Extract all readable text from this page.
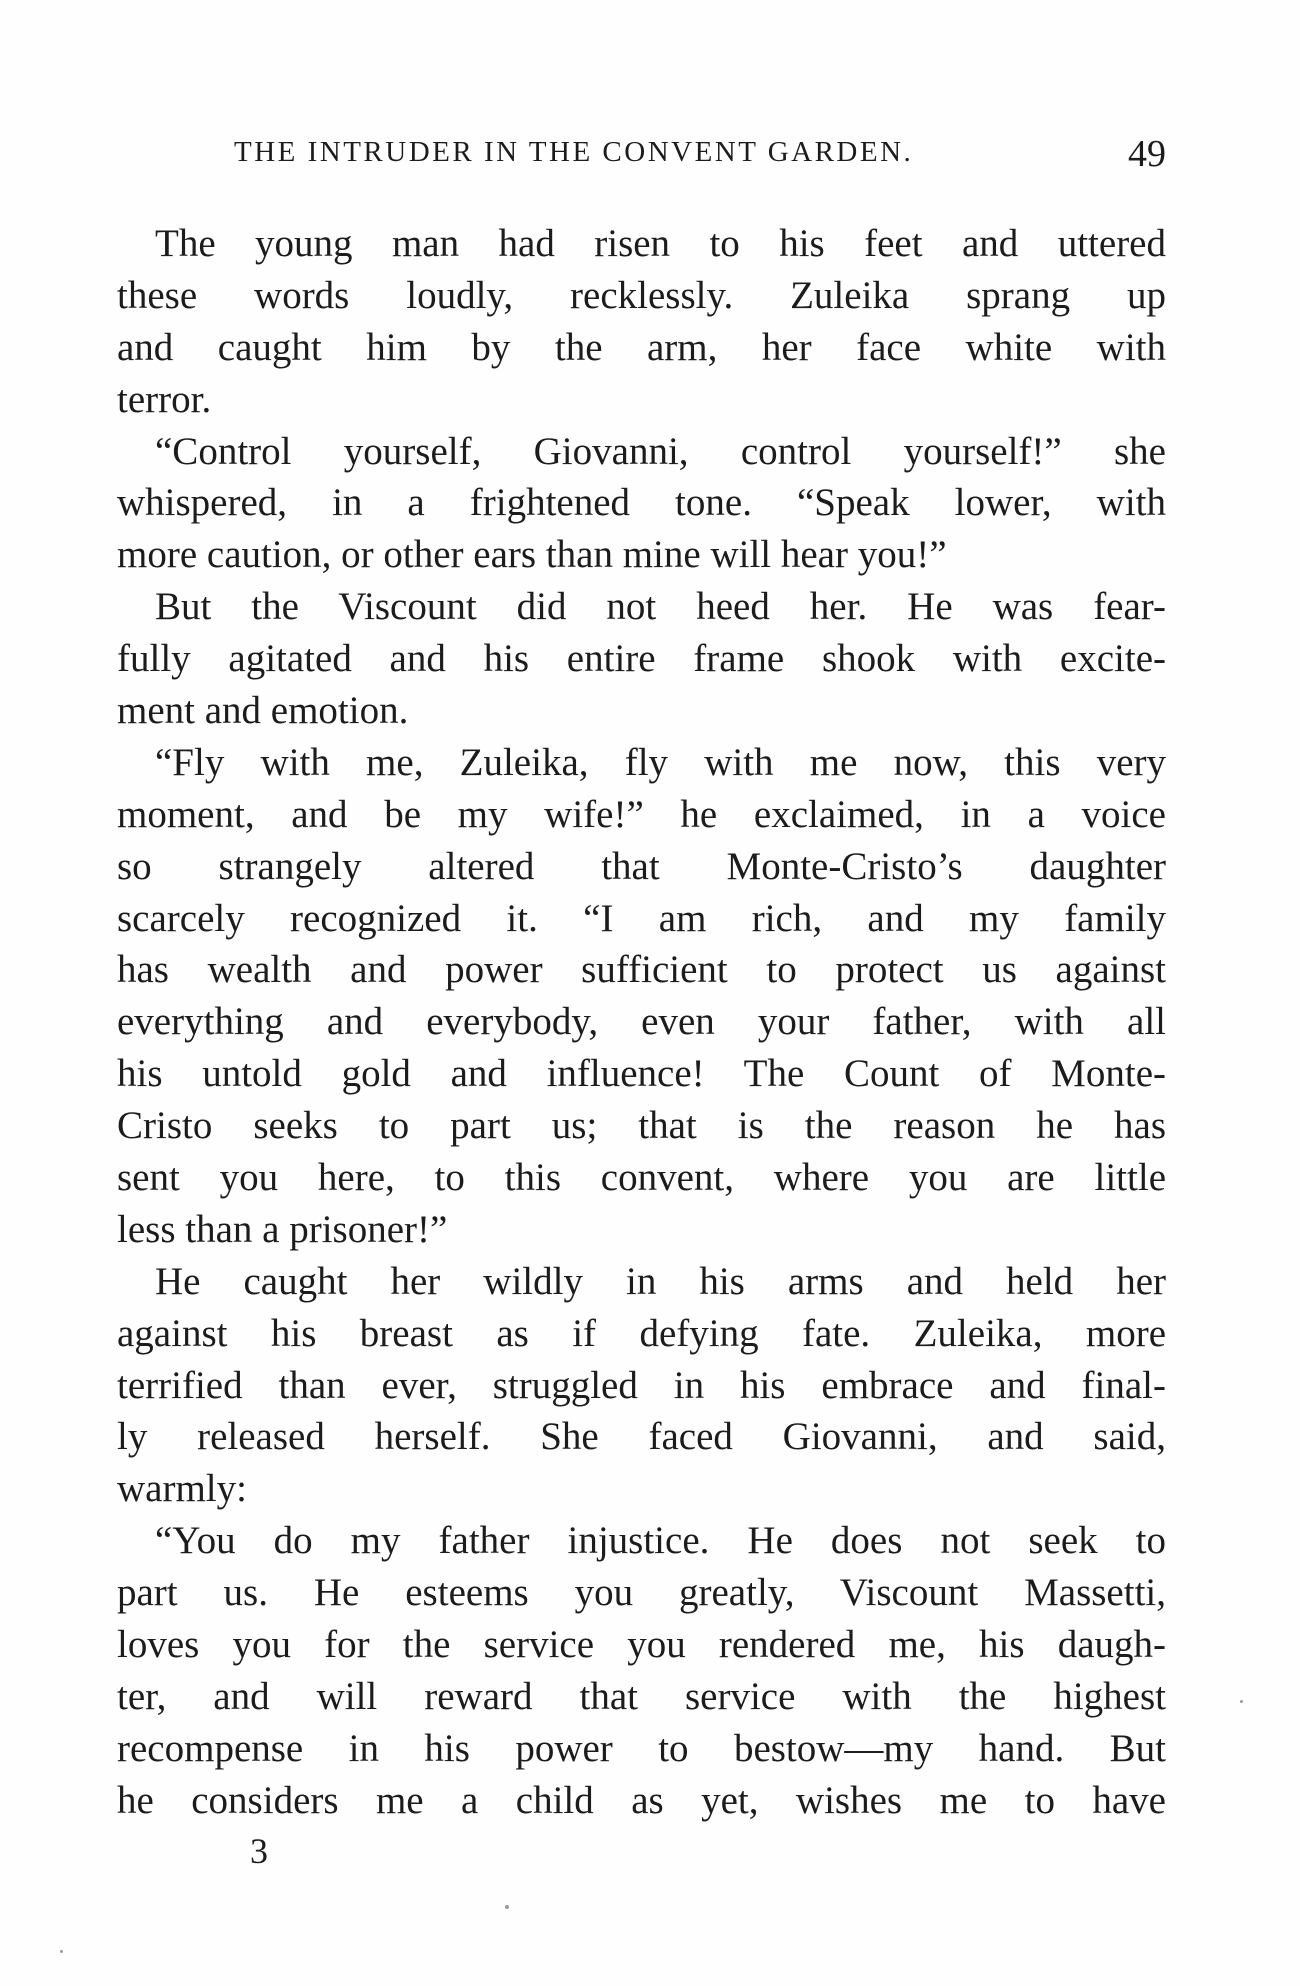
THE INTRUDER IN THE CONVENT GARDEN.	49
The young man had risen to his feet and uttered
these words loudly, recklessly. Zuleika sprang up
and caught him by the arm, her face white with
terror.
“Control yourself, Giovanni, control yourself!” she
whispered, in a frightened tone. “Speak lower, with
more caution, or other ears than mine will hear you!”
But the Viscount did not heed her. He was fear-
fully agitated and his entire frame shook with excite-
ment and emotion.
“Fly with me, Zuleika, fly with me now, this very
moment, and be my wife!” he exclaimed, in a voice
so strangely altered that Monte-Cristo’s daughter
scarcely recognized it. “I am rich, and my family
has wealth and power sufficient to protect us against
everything and everybody, even your father, with all
his untold gold and influence! The Count of Monte-
Cristo seeks to part us; that is the reason he has
sent you here, to this convent, where you are little
less than a prisoner!”
He caught her wildly in his arms and held her
against his breast as if defying fate. Zuleika, more
terrified than ever, struggled in his embrace and final-
ly released herself. She faced Giovanni, and said,
warmly:
“You do my father injustice. He does not seek to
part us. He esteems you greatly, Viscount Massetti,
loves you for the service you rendered me, his daugh-
ter, and will reward that service with the highest
recompense in his power to bestow—my hand. But
he considers me a child as yet, wishes me to have
3
